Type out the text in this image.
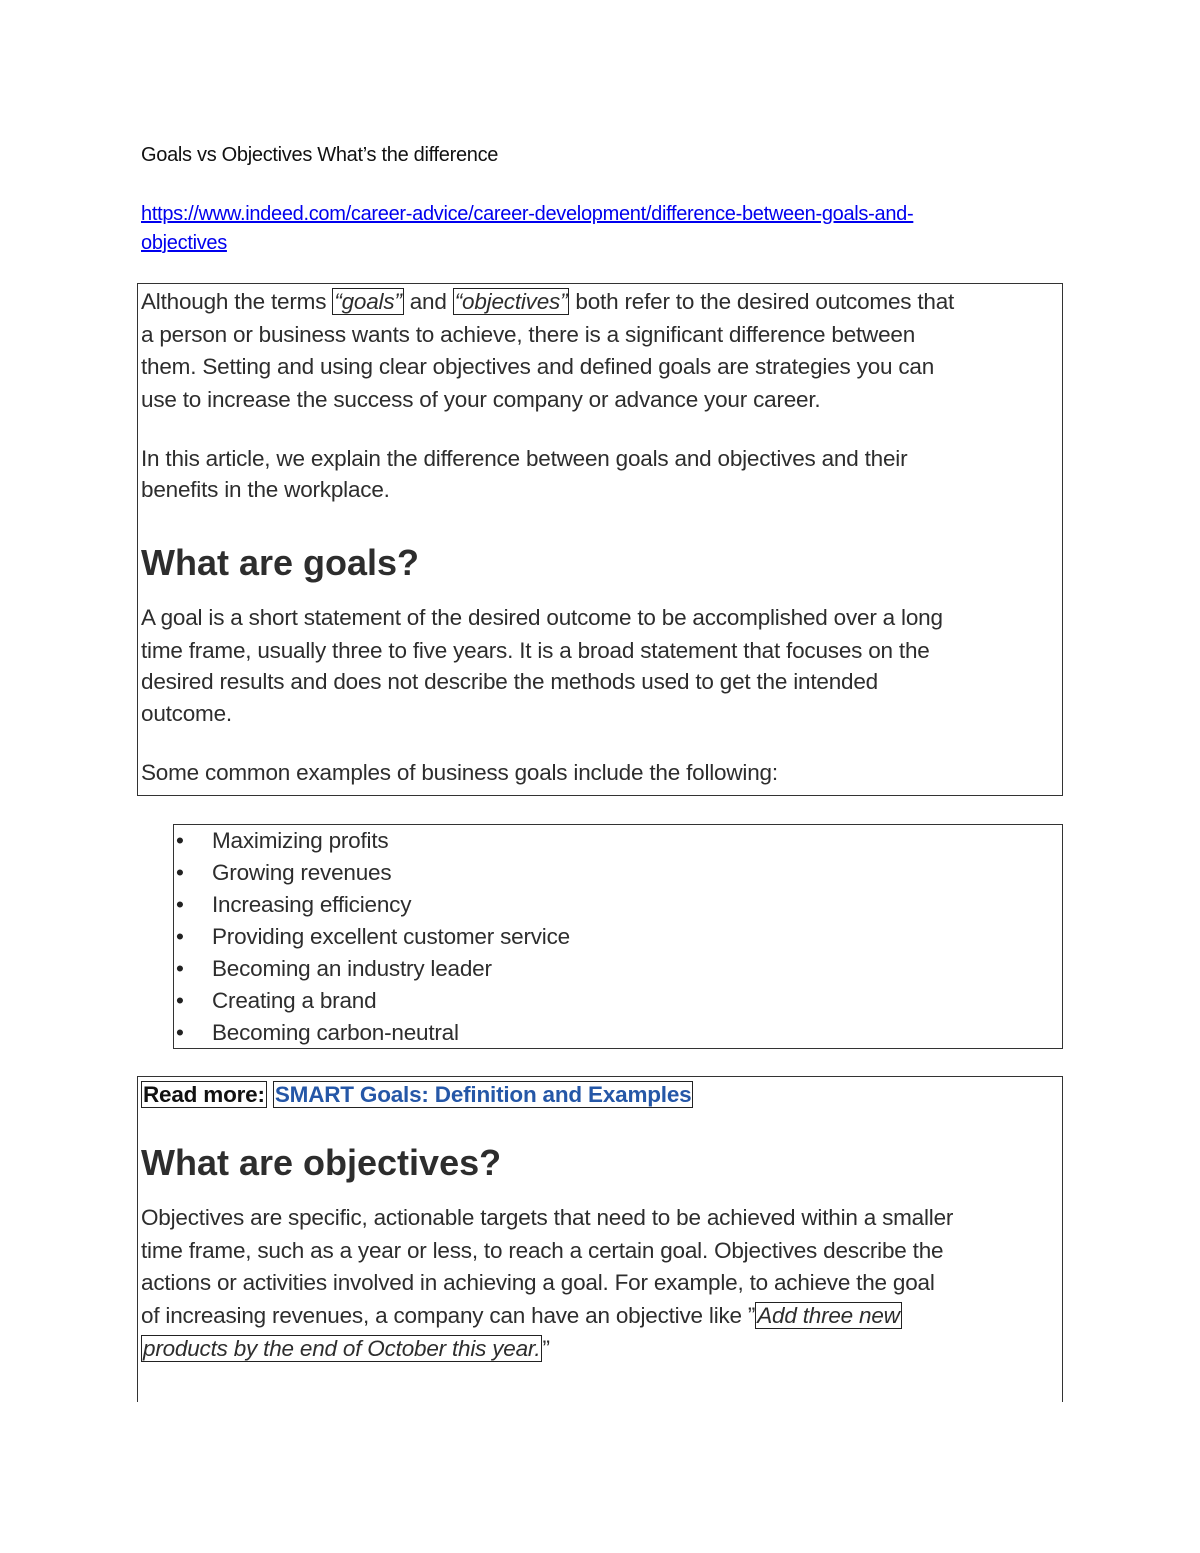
Goals vs Objectives What’s the difference
https://www.indeed.com/career-advice/career-development/difference-between-goals-and-
objectives
Although the terms “goals” and “objectives” both refer to the desired outcomes that
a person or business wants to achieve, there is a significant difference between
them. Setting and using clear objectives and defined goals are strategies you can
use to increase the success of your company or advance your career.
In this article, we explain the difference between goals and objectives and their
benefits in the workplace.
What are goals?
A goal is a short statement of the desired outcome to be accomplished over a long
time frame, usually three to five years. It is a broad statement that focuses on the
desired results and does not describe the methods used to get the intended
outcome.
Some common examples of business goals include the following:
• Maximizing profits
• Growing revenues
• Increasing efficiency
• Providing excellent customer service
• Becoming an industry leader
• Creating a brand
• Becoming carbon-neutral
Read more: SMART Goals: Definition and Examples
What are objectives?
Objectives are specific, actionable targets that need to be achieved within a smaller
time frame, such as a year or less, to reach a certain goal. Objectives describe the
actions or activities involved in achieving a goal. For example, to achieve the goal
of increasing revenues, a company can have an objective like ”Add three new
products by the end of October this year.”
